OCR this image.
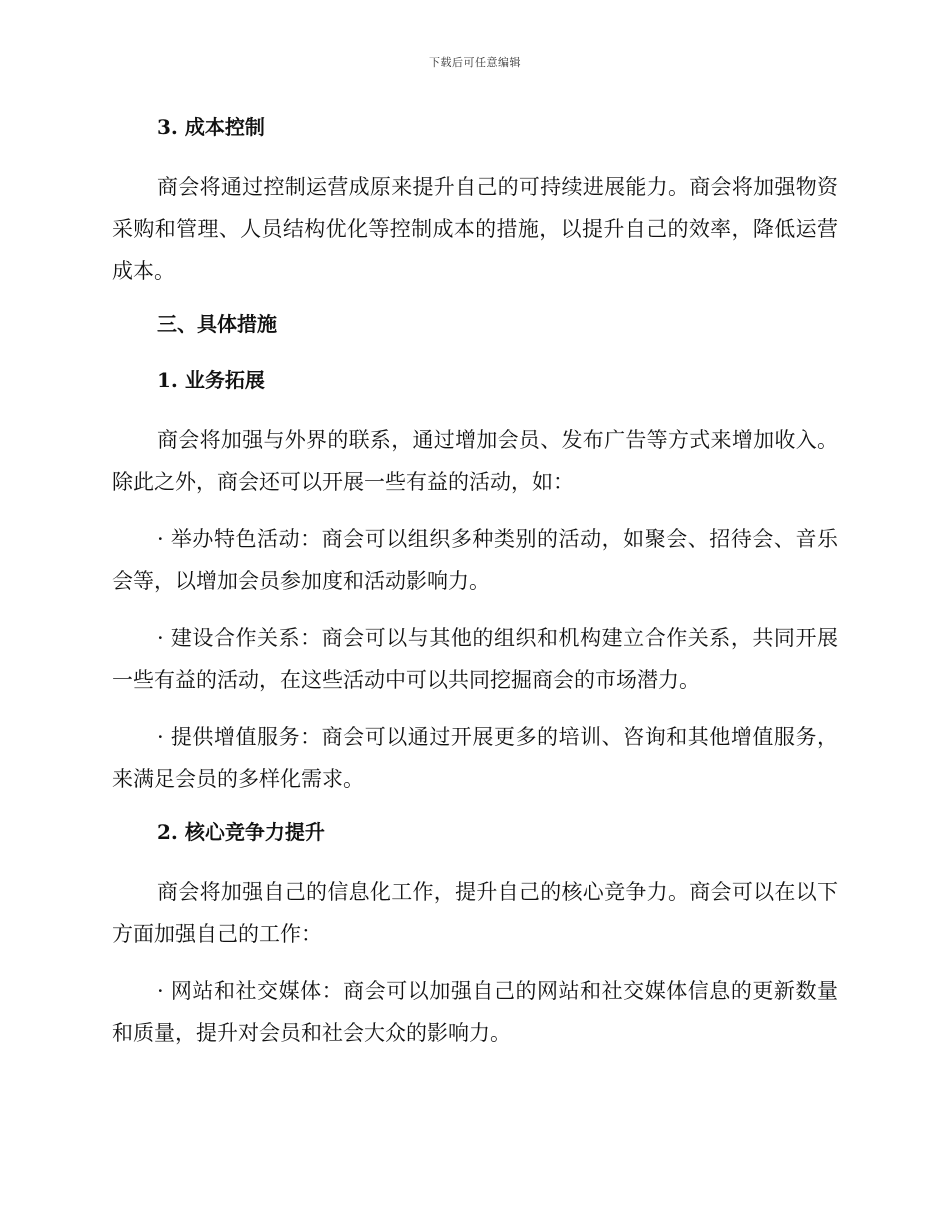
下载后可任意编辑
3. 成本控制

商会将通过控制运营成原来提升自己的可持续进展能力。商会将加强物资采购和管理、人员结构优化等控制成本的措施，以提升自己的效率，降低运营成本。

三、具体措施
1. 业务拓展

商会将加强与外界的联系，通过增加会员、发布广告等方式来增加收入。除此之外，商会还可以开展一些有益的活动，如：

· 举办特色活动：商会可以组织多种类别的活动，如聚会、招待会、音乐会等，以增加会员参加度和活动影响力。

· 建设合作关系：商会可以与其他的组织和机构建立合作关系，共同开展一些有益的活动，在这些活动中可以共同挖掘商会的市场潜力。

· 提供增值服务：商会可以通过开展更多的培训、咨询和其他增值服务，来满足会员的多样化需求。

2. 核心竞争力提升

商会将加强自己的信息化工作，提升自己的核心竞争力。商会可以在以下方面加强自己的工作：

· 网站和社交媒体：商会可以加强自己的网站和社交媒体信息的更新数量和质量，提升对会员和社会大众的影响力。
